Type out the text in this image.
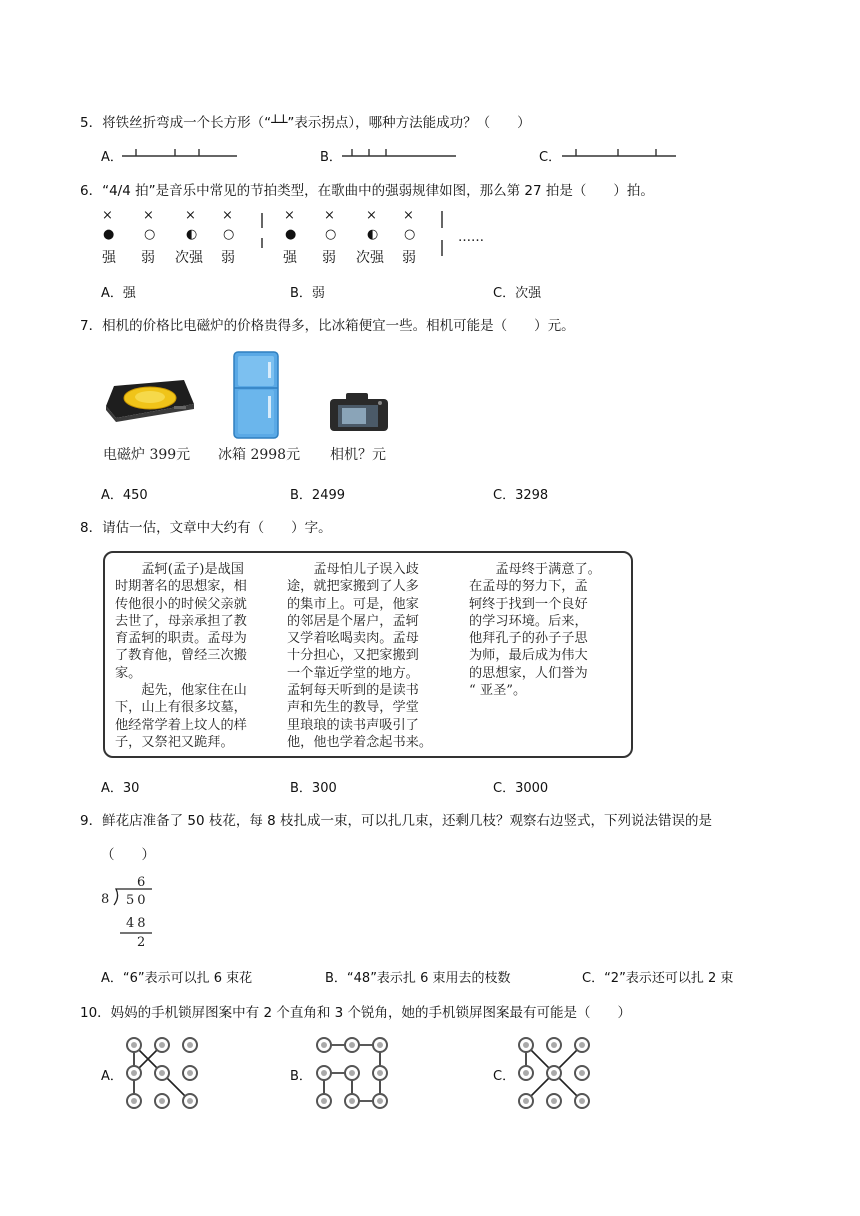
5．将铁丝折弯成一个长方形（“┴┴”表示拐点），哪种方法能成功？（　　）
A．	B．	C．
6．“4/4 拍”是音乐中常见的节拍类型，在歌曲中的强弱规律如图，那么第 27 拍是（　　）拍。
× × × ×	× × × ×
● ○ ◐ ○	● ○ ◐ ○
强 弱 次强 弱	强 弱 次强 弱
……
A．强	B．弱	C．次强
7．相机的价格比电磁炉的价格贵得多，比冰箱便宜一些。相机可能是（　　）元。
电磁炉 399元 冰箱 2998元 相机？元
A．450	B．2499	C．3298
8．请估一估，文章中大约有（　　）字。
　　孟轲(孟子)是战国
时期著名的思想家，相
传他很小的时候父亲就
去世了，母亲承担了教
育孟轲的职责。孟母为
了教育他，曾经三次搬
家。
　　起先，他家住在山
下，山上有很多坟墓，
他经常学着上坟人的样
子，又祭祀又跪拜。
　　孟母怕儿子误入歧
途，就把家搬到了人多
的集市上。可是，他家
的邻居是个屠户，孟轲
又学着吆喝卖肉。孟母
十分担心，又把家搬到
一个靠近学堂的地方。
孟轲每天听到的是读书
声和先生的教导，学堂
里琅琅的读书声吸引了
他，他也学着念起书来。
　　孟母终于满意了。
在孟母的努力下，孟
轲终于找到一个良好
的学习环境。后来，
他拜孔子的孙子子思
为师，最后成为伟大
的思想家，人们誉为
“ 亚圣”。
A．30	B．300	C．3000
9．鲜花店准备了 50 枝花，每 8 枝扎成一束，可以扎几束，还剩几枝？观察右边竖式，下列说法错误的是
（　　）
6
8 50
48
2
A．“6”表示可以扎 6 束花	B．“48”表示扎 6 束用去的枝数	C．“2”表示还可以扎 2 束
10．妈妈的手机锁屏图案中有 2 个直角和 3 个锐角，她的手机锁屏图案最有可能是（　　）
A．	B．	C．
